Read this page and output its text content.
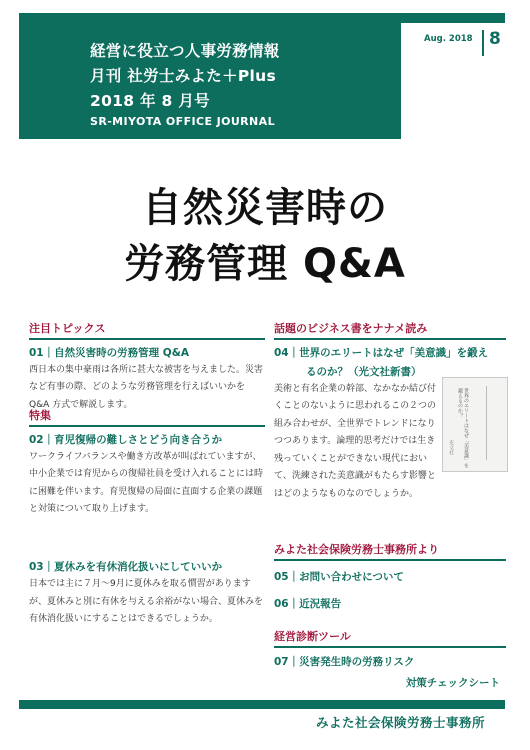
経営に役立つ人事労務情報
月刊 社労士みよた＋Plus
2018 年 8 月号
SR-MIYOTA OFFICE JOURNAL
Aug. 2018 8
自然災害時の
労務管理 Q&A
注目トピックス
01｜自然災害時の労務管理 Q&A
西日本の集中豪雨は各所に甚大な被害を与えました。災害など有事の際、どのような労務管理を行えばいいかを Q&A 方式で解説します。
特集
02｜育児復帰の難しさとどう向き合うか
ワークライフバランスや働き方改革が叫ばれていますが、中小企業では育児からの復帰社員を受け入れることには時に困難を伴います。育児復帰の局面に直面する企業の課題と対策について取り上げます。
03｜夏休みを有休消化扱いにしていいか
日本では主に７月～9月に夏休みを取る慣習がありますが、夏休みと別に有休を与える余裕がない場合、夏休みを有休消化扱いにすることはできるでしょうか。
話題のビジネス書をナナメ読み
04｜世界のエリートはなぜ「美意識」を鍛え
るのか？（光文社新書）
美術と有名企業の幹部、なかなか結び付くことのないように思われるこの２つの組み合わせが、全世界でトレンドになりつつあります。論理的思考だけでは生き残っていくことができない現代において、洗練された美意識がもたらす影響とはどのようなものなのでしょうか。
世界のエリートはなぜ「美意識」を鍛えるのか？
光文社
みよた社会保険労務士事務所より
05｜お問い合わせについて
06｜近況報告
経営診断ツール
07｜災害発生時の労務リスク
対策チェックシート
みよた社会保険労務士事務所
